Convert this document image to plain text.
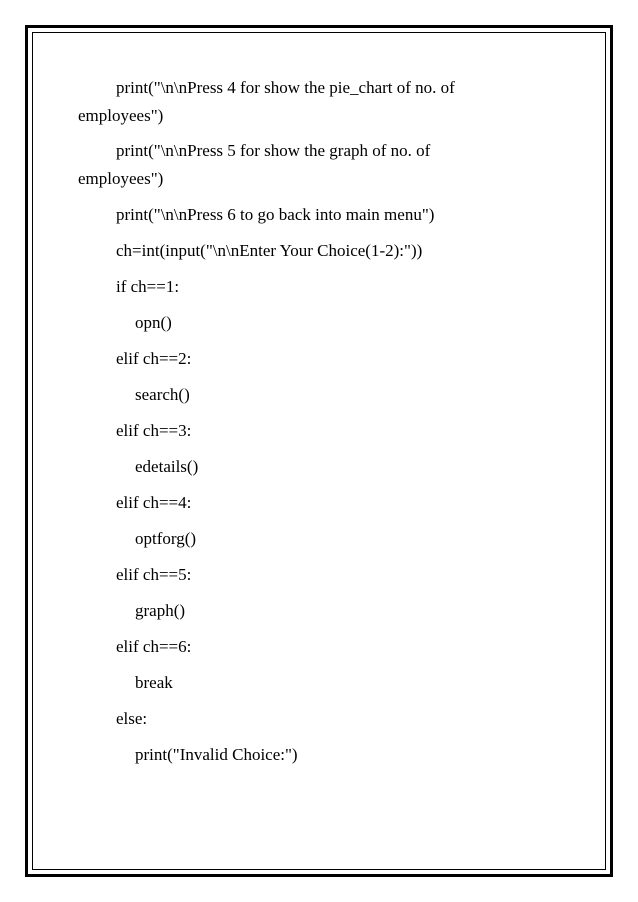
print("\n\nPress 4 for show the pie_chart of no. of
employees")
print("\n\nPress 5 for show the graph of no. of
employees")
print("\n\nPress 6 to go back into main menu")
ch=int(input("\n\nEnter Your Choice(1-2):"))
if ch==1:
opn()
elif ch==2:
search()
elif ch==3:
edetails()
elif ch==4:
optforg()
elif ch==5:
graph()
elif ch==6:
break
else:
print("Invalid Choice:")
